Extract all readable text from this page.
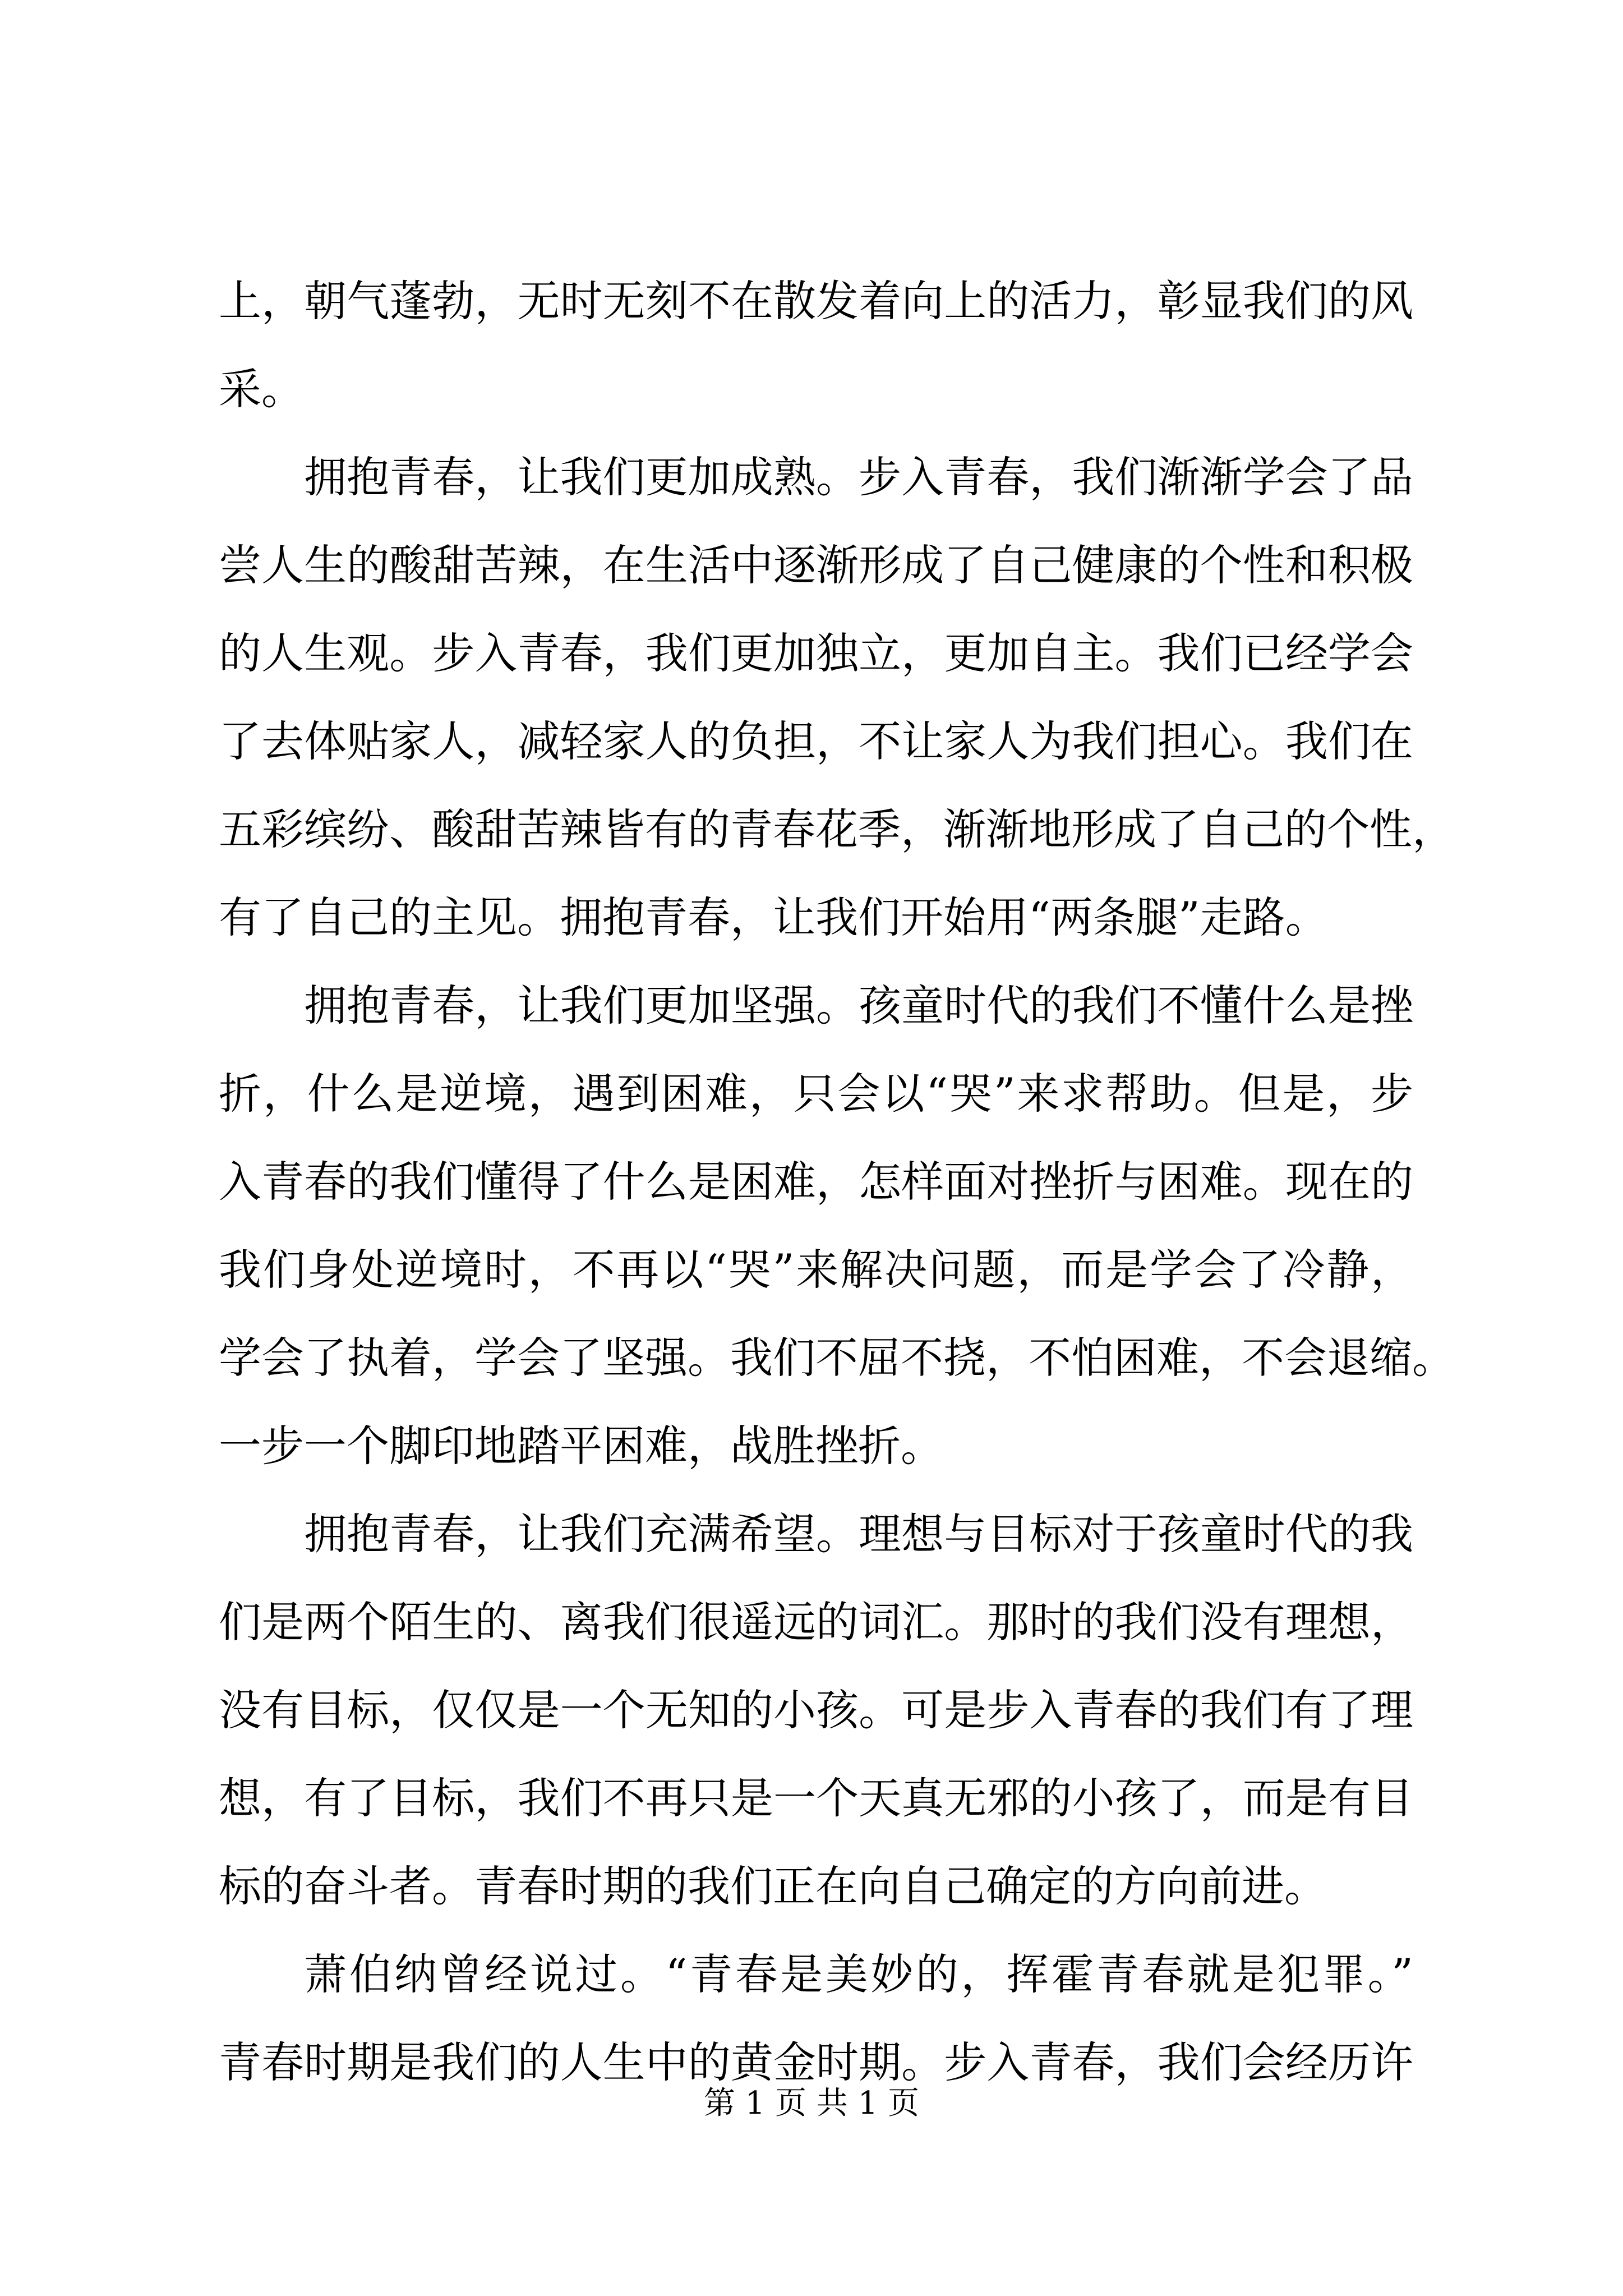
上，朝气蓬勃，无时无刻不在散发着向上的活力，彰显我们的风
采。
拥抱青春，让我们更加成熟。步入青春，我们渐渐学会了品
尝人生的酸甜苦辣，在生活中逐渐形成了自己健康的个性和积极
的人生观。步入青春，我们更加独立，更加自主。我们已经学会
了去体贴家人，减轻家人的负担，不让家人为我们担心。我们在
五彩缤纷、酸甜苦辣皆有的青春花季，渐渐地形成了自己的个性，
有了自己的主见。拥抱青春，让我们开始用“两条腿”走路。
拥抱青春，让我们更加坚强。孩童时代的我们不懂什么是挫
折，什么是逆境，遇到困难，只会以“哭”来求帮助。但是，步
入青春的我们懂得了什么是困难，怎样面对挫折与困难。现在的
我们身处逆境时，不再以“哭”来解决问题，而是学会了冷静，
学会了执着，学会了坚强。我们不屈不挠，不怕困难，不会退缩。
一步一个脚印地踏平困难，战胜挫折。
拥抱青春，让我们充满希望。理想与目标对于孩童时代的我
们是两个陌生的、离我们很遥远的词汇。那时的我们没有理想，
没有目标，仅仅是一个无知的小孩。可是步入青春的我们有了理
想，有了目标，我们不再只是一个天真无邪的小孩了，而是有目
标的奋斗者。青春时期的我们正在向自己确定的方向前进。
萧伯纳曾经说过。“青春是美妙的，挥霍青春就是犯罪。”
青春时期是我们的人生中的黄金时期。步入青春，我们会经历许
第 1 页 共 1 页
